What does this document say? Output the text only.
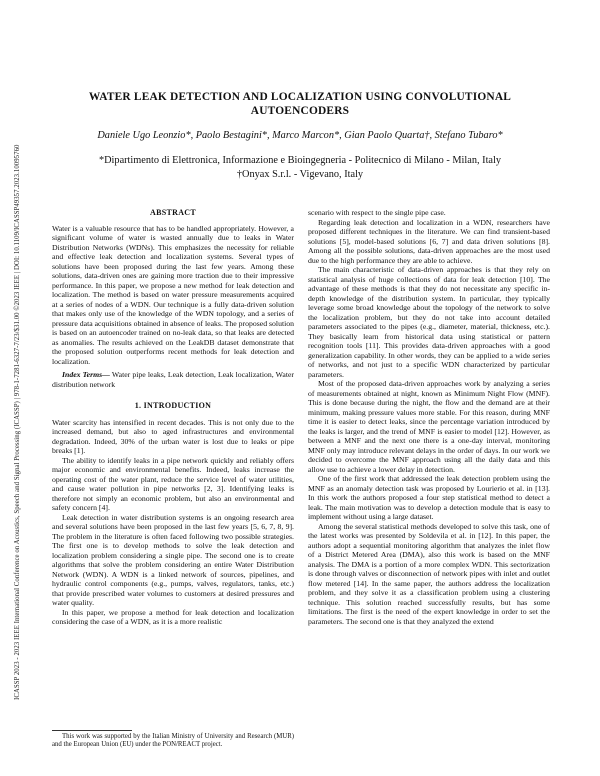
ICASSP 2023 - 2023 IEEE International Conference on Acoustics, Speech and Signal Processing (ICASSP) | 978-1-7281-6327-7/23/$31.00 ©2023 IEEE | DOI: 10.1109/ICASSP49357.2023.10095760
WATER LEAK DETECTION AND LOCALIZATION USING CONVOLUTIONAL
AUTOENCODERS
Daniele Ugo Leonzio*, Paolo Bestagini*, Marco Marcon*, Gian Paolo Quarta†, Stefano Tubaro*
*Dipartimento di Elettronica, Informazione e Bioingegneria - Politecnico di Milano - Milan, Italy
†Onyax S.r.l. - Vigevano, Italy
ABSTRACT

Water is a valuable resource that has to be handled appropriately. However, a significant volume of water is wasted annually due to leaks in Water Distribution Networks (WDNs). This emphasizes the necessity for reliable and effective leak detection and localization systems. Several types of solutions have been proposed during the last few years. Among these solutions, data-driven ones are gaining more traction due to their impressive performance. In this paper, we propose a new method for leak detection and localization. The method is based on water pressure measurements acquired at a series of nodes of a WDN. Our technique is a fully data-driven solution that makes only use of the knowledge of the WDN topology, and a series of pressure data acquisitions obtained in absence of leaks. The proposed solution is based on an autoencoder trained on no-leak data, so that leaks are detected as anomalies. The results achieved on the LeakDB dataset demonstrate that the proposed solution outperforms recent methods for leak detection and localization.

Index Terms— Water pipe leaks, Leak detection, Leak localization, Water distribution network

1. INTRODUCTION

Water scarcity has intensified in recent decades. This is not only due to the increased demand, but also to aged infrastructures and environmental degradation. Indeed, 30% of the urban water is lost due to leaks or pipe breaks [1].

The ability to identify leaks in a pipe network quickly and reliably offers major economic and environmental benefits. Indeed, leaks increase the operating cost of the water plant, reduce the service level of water utilities, and cause water pollution in pipe networks [2, 3]. Identifying leaks is therefore not simply an economic problem, but also an environmental and safety concern [4].

Leak detection in water distribution systems is an ongoing research area and several solutions have been proposed in the last few years [5, 6, 7, 8, 9]. The problem in the literature is often faced following two possible strategies. The first one is to develop methods to solve the leak detection and localization problem considering a single pipe. The second one is to create algorithms that solve the problem considering an entire Water Distribution Network (WDN). A WDN is a linked network of sources, pipelines, and hydraulic control components (e.g., pumps, valves, regulators, tanks, etc.) that provide prescribed water volumes to customers at desired pressures and water quality.

In this paper, we propose a method for leak detection and localization considering the case of a WDN, as it is a more realistic

This work was supported by the Italian Ministry of University and Research (MUR) and the European Union (EU) under the PON/REACT project.

scenario with respect to the single pipe case.

Regarding leak detection and localization in a WDN, researchers have proposed different techniques in the literature. We can find transient-based solutions [5], model-based solutions [6, 7] and data driven solutions [8]. Among all the possible solutions, data-driven approaches are the most used due to the high performance they are able to achieve.

The main characteristic of data-driven approaches is that they rely on statistical analysis of huge collections of data for leak detection [10]. The advantage of these methods is that they do not necessitate any specific in-depth knowledge of the distribution system. In particular, they typically leverage some broad knowledge about the topology of the network to solve the localization problem, but they do not take into account detailed parameters associated to the pipes (e.g., diameter, material, thickness, etc.). They basically learn from historical data using statistical or pattern recognition tools [11]. This provides data-driven approaches with a good generalization capability. In other words, they can be applied to a wide series of networks, and not just to a specific WDN characterized by particular parameters.

Most of the proposed data-driven approaches work by analyzing a series of measurements obtained at night, known as Minimum Night Flow (MNF). This is done because during the night, the flow and the demand are at their minimum, making pressure values more stable. For this reason, during MNF time it is easier to detect leaks, since the percentage variation introduced by the leaks is larger, and the trend of MNF is easier to model [12]. However, as between a MNF and the next one there is a one-day interval, monitoring MNF only may introduce relevant delays in the order of days. In our work we decided to overcome the MNF approach using all the daily data and this allow use to achieve a lower delay in detection.

One of the first work that addressed the leak detection problem using the MNF as an anomaly detection task was proposed by Lourierio et al. in [13]. In this work the authors proposed a four step statistical method to detect a leak. The main motivation was to develop a detection module that is easy to implement without using a large dataset.

Among the several statistical methods developed to solve this task, one of the latest works was presented by Soldevila et al. in [12]. In this paper, the authors adopt a sequential monitoring algorithm that analyzes the inlet flow of a District Metered Area (DMA), also this work is based on the MNF analysis. The DMA is a portion of a more complex WDN. This sectorization is done through valves or disconnection of network pipes with inlet and outlet flow metered [14]. In the same paper, the authors address the localization problem, and they solve it as a classification problem using a clustering technique. This solution reached successfully results, but has some limitations. The first is the need of the expert knowledge in order to set the parameters. The second one is that they analyzed the extend
